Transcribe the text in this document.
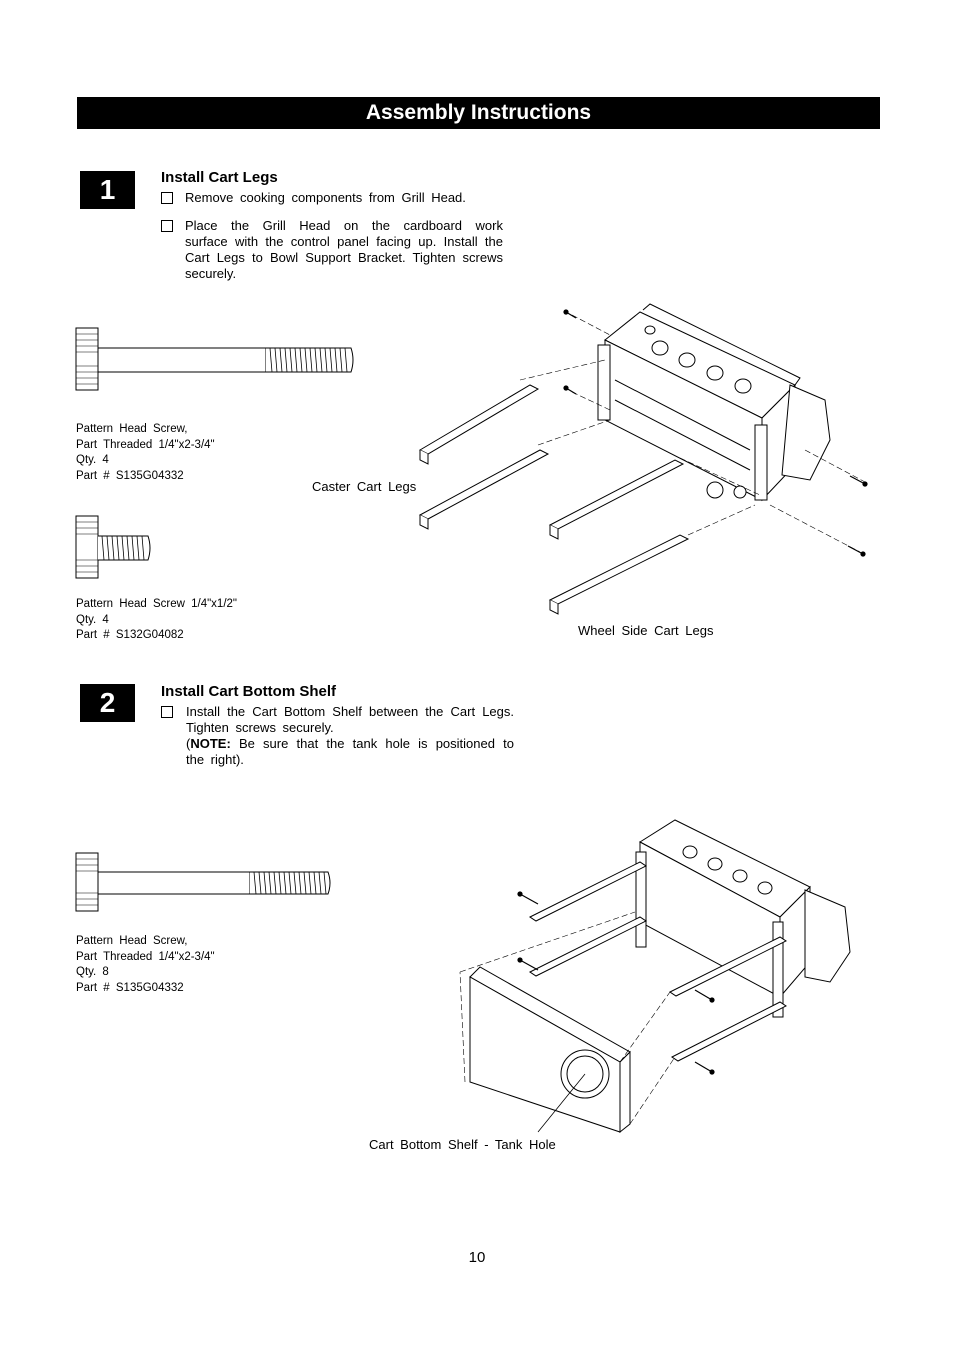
Assembly Instructions
1	Install Cart Legs
Remove cooking components from Grill Head.
Place the Grill Head on the cardboard work surface with the control panel facing up. Install the Cart Legs to Bowl Support Bracket. Tighten screws securely.
Pattern Head Screw,
Part Threaded 1/4"x2-3/4"
Qty. 4
Part # S135G04332
Pattern Head Screw 1/4"x1/2"
Qty. 4
Part # S132G04082
Caster Cart Legs
Wheel Side Cart Legs
2	Install Cart Bottom Shelf
Install the Cart Bottom Shelf between the Cart Legs. Tighten screws securely.
(NOTE: Be sure that the tank hole is positioned to the right).
Pattern Head Screw,
Part Threaded 1/4"x2-3/4"
Qty. 8
Part # S135G04332
Cart Bottom Shelf - Tank Hole
10
